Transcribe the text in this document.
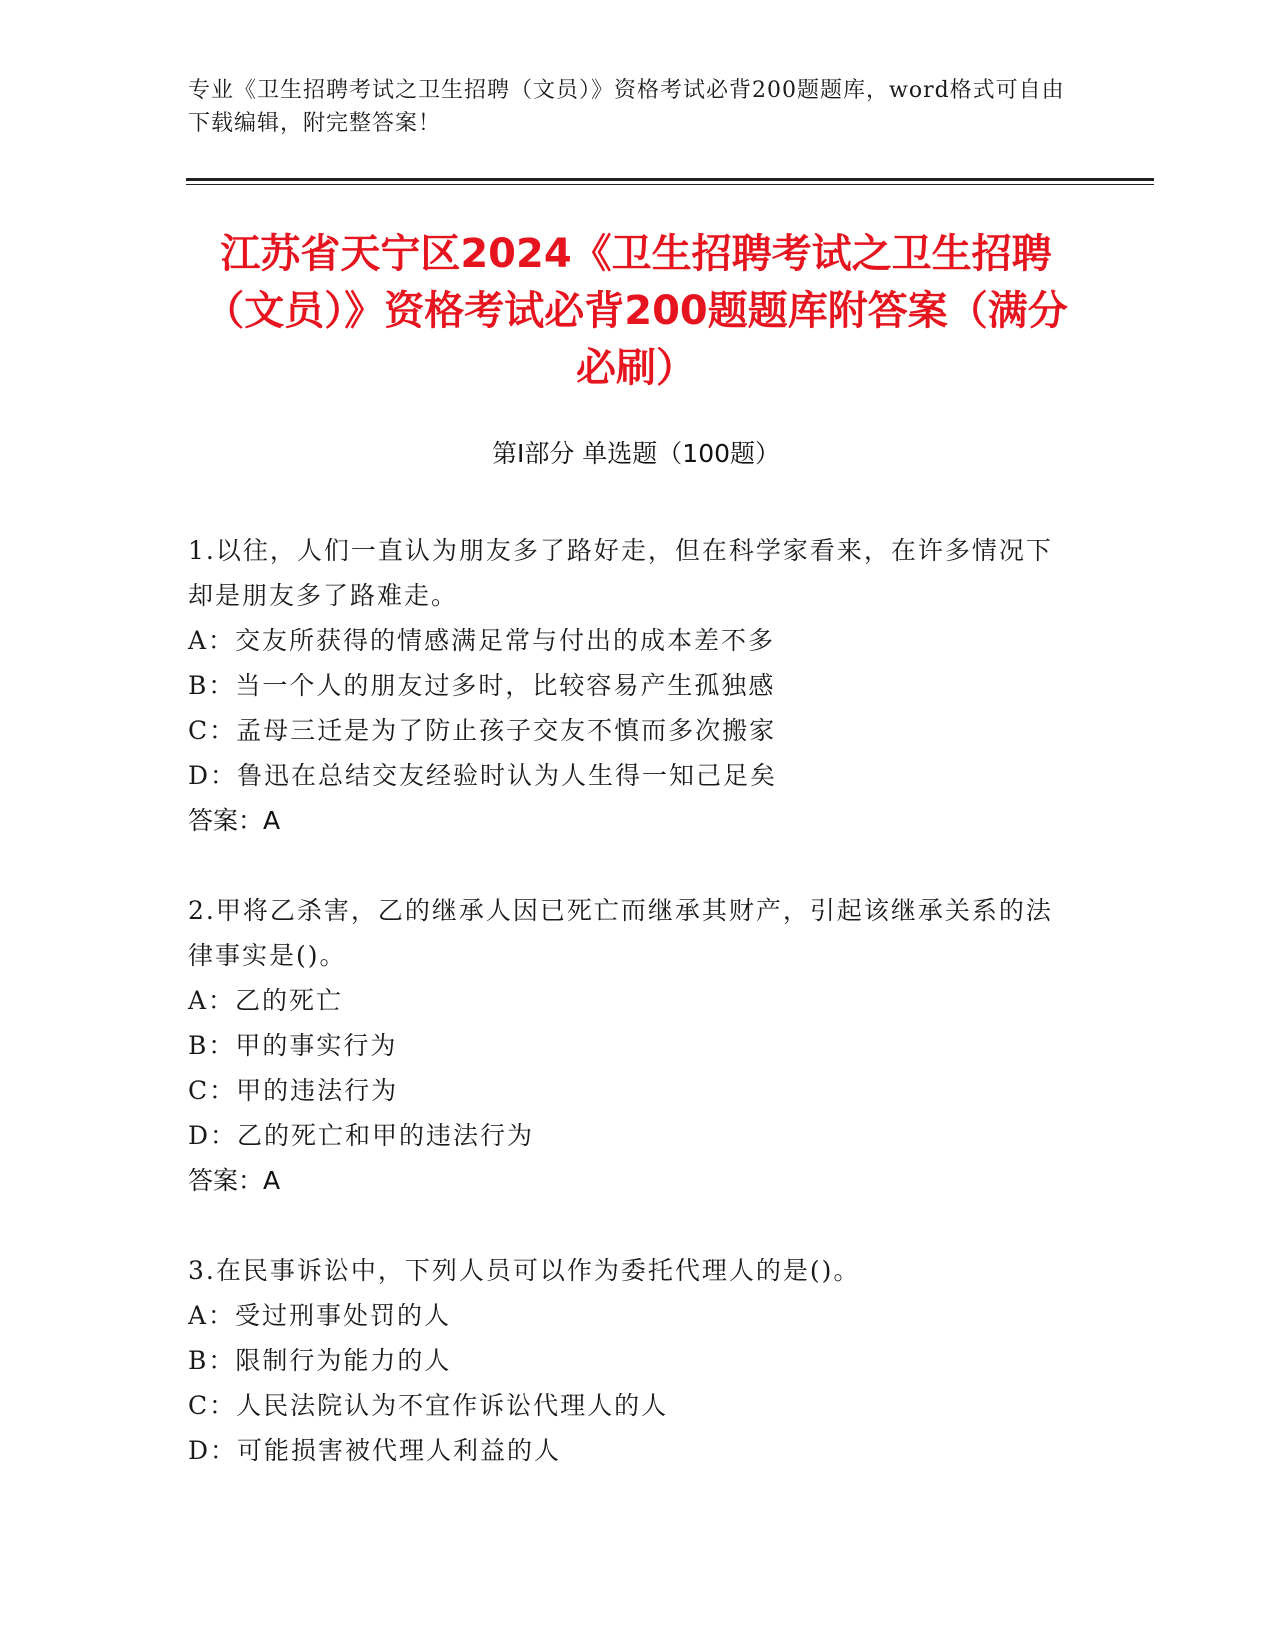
专业《卫生招聘考试之卫生招聘（文员）》资格考试必背200题题库，word格式可自由下载编辑，附完整答案！
江苏省天宁区2024《卫生招聘考试之卫生招聘（文员）》资格考试必背200题题库附答案（满分必刷）
第Ⅰ部分 单选题（100题）
1.以往，人们一直认为朋友多了路好走，但在科学家看来，在许多情况下却是朋友多了路难走。
A：交友所获得的情感满足常与付出的成本差不多
B：当一个人的朋友过多时，比较容易产生孤独感
C：孟母三迁是为了防止孩子交友不慎而多次搬家
D：鲁迅在总结交友经验时认为人生得一知己足矣
答案：A
2.甲将乙杀害，乙的继承人因已死亡而继承其财产，引起该继承关系的法律事实是()。
A：乙的死亡
B：甲的事实行为
C：甲的违法行为
D：乙的死亡和甲的违法行为
答案：A
3.在民事诉讼中，下列人员可以作为委托代理人的是()。
A：受过刑事处罚的人
B：限制行为能力的人
C：人民法院认为不宜作诉讼代理人的人
D：可能损害被代理人利益的人
